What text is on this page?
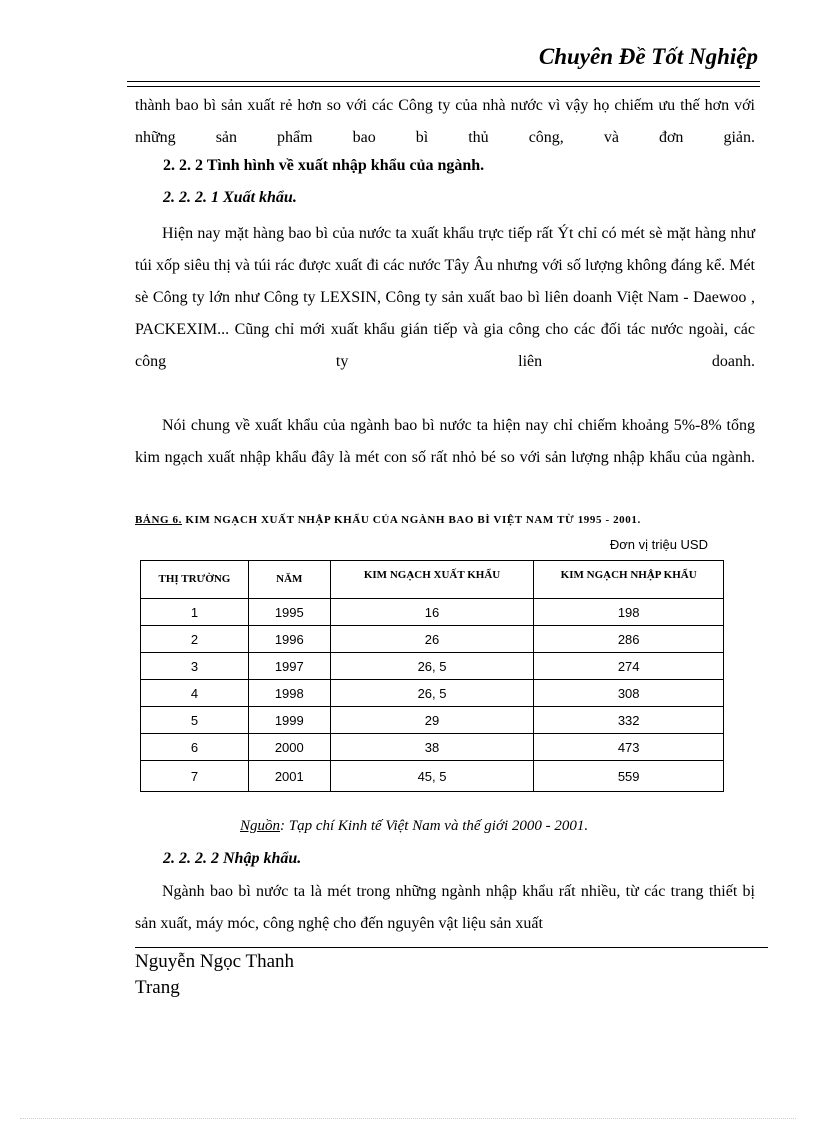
Chuyên Đề Tốt Nghiệp

thành bao bì sản xuất rẻ hơn so với các Công ty của nhà nước vì vậy họ chiếm ưu thế hơn với những sản phẩm bao bì thủ công, và đơn giản.

2. 2. 2 Tình hình về xuất nhập khẩu của ngành.

2. 2. 2. 1 Xuất khẩu.

Hiện nay mặt hàng bao bì của nước ta xuất khẩu trực tiếp rất Ýt chỉ có mét sè mặt hàng như túi xốp siêu thị và túi rác được xuất đi các nước Tây Âu nhưng với số lượng không đáng kể. Mét sè Công ty lớn như Công ty LEXSIN, Công ty sản xuất bao bì liên doanh Việt Nam - Daewoo , PACKEXIM... Cũng chỉ mới xuất khẩu gián tiếp và gia công cho các đối tác nước ngoài, các công ty liên doanh.

Nói chung về xuất khẩu của ngành bao bì nước ta hiện nay chỉ chiếm khoảng 5%-8% tổng kim ngạch xuất nhập khẩu đây là mét con số rất nhỏ bé so với sản lượng nhập khẩu của ngành.

BẢNG 6. KIM NGẠCH XUẤT NHẬP KHẨU CỦA NGÀNH BAO BÌ VIỆT NAM TỪ 1995 - 2001.
Đơn vị triệu USD
THỊ TRƯỜNG	NĂM	KIM NGẠCH XUẤT KHẨU	KIM NGẠCH NHẬP KHẨU
1	1995	16	198
2	1996	26	286
3	1997	26, 5	274
4	1998	26, 5	308
5	1999	29	332
6	2000	38	473
7	2001	45, 5	559
Nguồn: Tạp chí Kinh tế Việt Nam và thế giới 2000 - 2001.

2. 2. 2. 2 Nhập khẩu.

Ngành bao bì nước ta là mét trong những ngành nhập khẩu rất nhiều, từ các trang thiết bị sản xuất, máy móc, công nghệ cho đến nguyên vật liệu sản xuất

Nguyễn Ngọc Thanh
Trang
